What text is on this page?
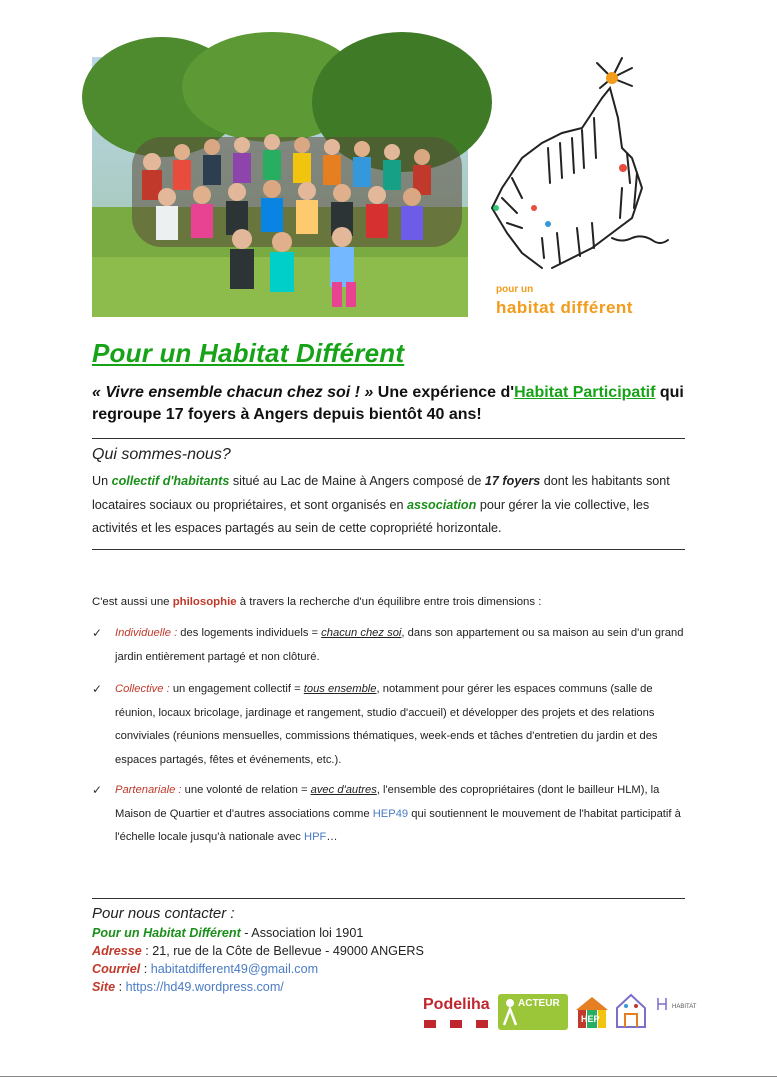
pour un
habitat différent
Pour un Habitat Différent
« Vivre ensemble chacun chez soi ! » Une expérience d'Habitat Participatif qui regroupe 17 foyers à Angers depuis bientôt 40 ans!
Qui sommes-nous?
Un collectif d'habitants situé au Lac de Maine à Angers composé de 17 foyers dont les habitants sont locataires sociaux ou propriétaires, et sont organisés en association pour gérer la vie collective, les activités et les espaces partagés au sein de cette copropriété horizontale.
C'est aussi une philosophie à travers la recherche d'un équilibre entre trois dimensions :
✓ Individuelle : des logements individuels = chacun chez soi, dans son appartement ou sa maison au sein d'un grand jardin entièrement partagé et non clôturé.
✓ Collective : un engagement collectif = tous ensemble, notamment pour gérer les espaces communs (salle de réunion, locaux bricolage, jardinage et rangement, studio d'accueil) et développer des projets et des relations conviviales (réunions mensuelles, commissions thématiques, week-ends et tâches d'entretien du jardin et des espaces partagés, fêtes et événements, etc.).
✓ Partenariale : une volonté de relation = avec d'autres, l'ensemble des copropriétaires (dont le bailleur HLM), la Maison de Quartier et d'autres associations comme HEP49 qui soutiennent le mouvement de l'habitat participatif à l'échelle locale jusqu'à nationale avec HPF…
Pour nous contacter :
Pour un Habitat Différent - Association loi 1901
Adresse : 21, rue de la Côte de Bellevue - 49000 ANGERS
Courriel : habitatdifferent49@gmail.com
Site : https://hd49.wordpress.com/
Podeliha	ACTEUR
HEP
HABITAT
